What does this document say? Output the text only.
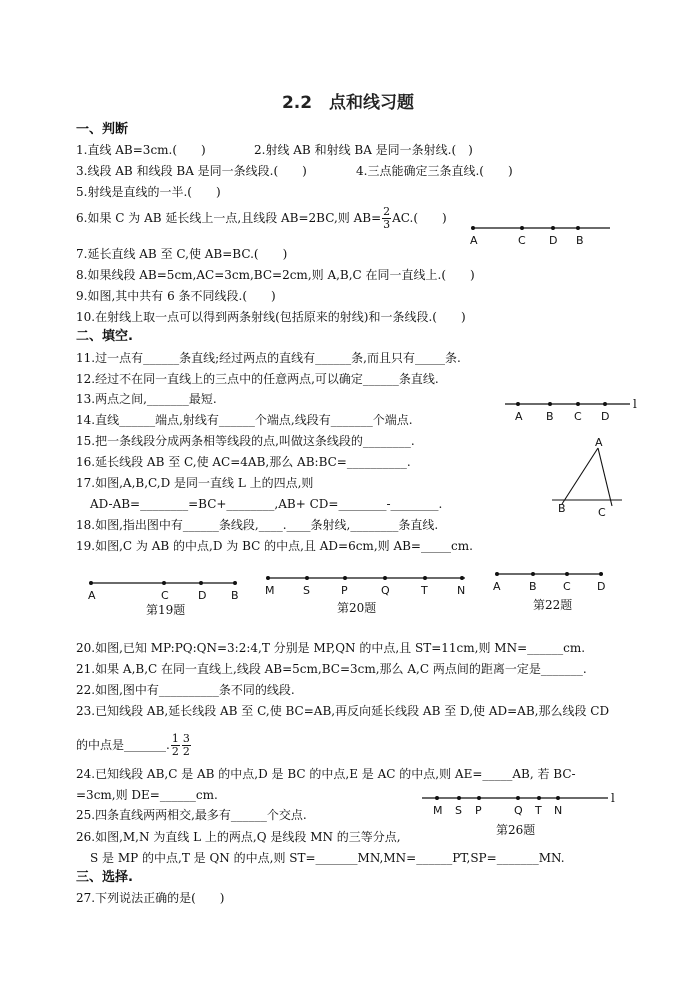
2.2　点和线习题
一、判断
1.直线 AB=3cm.(　　)	2.射线 AB 和射线 BA 是同一条射线.(　)
3.线段 AB 和线段 BA 是同一条线段.(　　)	4.三点能确定三条直线.(　　)
5.射线是直线的一半.(　　)
6.如果 C 为 AB 延长线上一点,且线段 AB=2BC,则 $AB= \frac{2}{3} AC$.(　　)
A	C D B
7.延长直线 AB 至 C,使 AB=BC.(　　)
8.如果线段 AB=5cm,AC=3cm,BC=2cm,则 A,B,C 在同一直线上.(　　)
9.如图,其中共有 6 条不同线段.(　　)
10.在射线上取一点可以得到两条射线(包括原来的射线)和一条线段.(　　)
二、填空.
11.过一点有______条直线;经过两点的直线有______条,而且只有_____条.
12.经过不在同一直线上的三点中的任意两点,可以确定______条直线.
13.两点之间,_______最短.
14.直线______端点,射线有______个端点,线段有_______个端点.	A B C D
l
15.把一条线段分成两条相等线段的点,叫做这条线段的________.
16.延长线段 AB 至 C,使 AC=4AB,那么 AB:BC=__________.
A
B	C
17.如图,A,B,C,D 是同一直线 L 上的四点,则
AD-AB=________=BC+________,AB+ CD=________-________.
18.如图,指出图中有______条线段,____.____条射线,________条直线.
19.如图,C 为 AB 的中点,D 为 BC 的中点,且 AD=6cm,则 AB=_____cm.
A	C	D B
第19题
M	S	P	Q	T	N
第20题
A	B C D
第22题
20.如图,已知 MP:PQ:QN=3:2:4,T 分别是 MP,QN 的中点,且 ST=11cm,则 MN=______cm.
21.如果 A,B,C 在同一直线上,线段 AB=5cm,BC=3cm,那么 A,C 两点间的距离一定是_______.
22.如图,图中有__________条不同的线段.
23.已知线段 AB,延长线段 AB 至 C,使 BC=AB,再反向延长线段 AB 至 D,使 AD=AB,那么线段 CD
的中点是_______. $\frac{1}{2} \frac{3}{2}$
24.已知线段 AB,C 是 AB 的中点,D 是 BC 的中点,E 是 AC 的中点,则 AE=_____AB, 若 BC-
=3cm,则 DE=______cm.
25.四条直线两两相交,最多有______个交点.	M S P	Q T N
l
第26题
26.如图,M,N 为直线 L 上的两点,Q 是线段 MN 的三等分点,
S 是 MP 的中点,T 是 QN 的中点,则 ST=_______MN,MN=______PT,SP=_______MN.
三、选择.
27.下列说法正确的是(　　)
